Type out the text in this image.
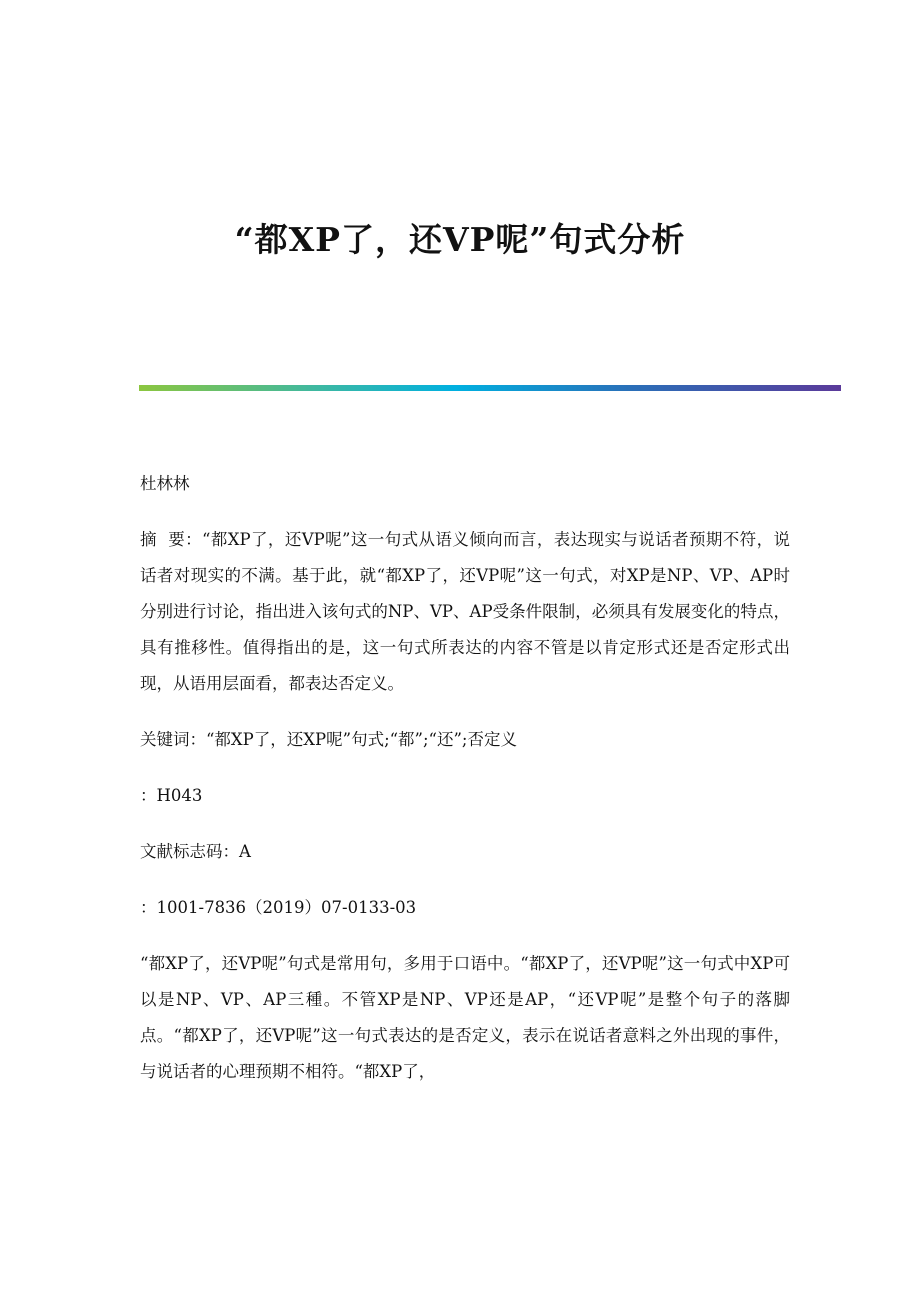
“都XP了，还VP呢”句式分析

杜林林

摘  要：“都XP了，还VP呢”这一句式从语义倾向而言，表达现实与说话者预期不符，说话者对现实的不满。基于此，就“都XP了，还VP呢”这一句式，对XP是NP、VP、AP时分别进行讨论，指出进入该句式的NP、VP、AP受条件限制，必须具有发展变化的特点，具有推移性。值得指出的是，这一句式所表达的内容不管是以肯定形式还是否定形式出现，从语用层面看，都表达否定义。

关键词：“都XP了，还XP呢”句式;“都”;“还”;否定义

：H043

文献标志码：A

：1001-7836（2019）07-0133-03

“都XP了，还VP呢”句式是常用句，多用于口语中。“都XP了，还VP呢”这一句式中XP可以是NP、VP、AP三種。不管XP是NP、VP还是AP，“还VP呢”是整个句子的落脚点。“都XP了，还VP呢”这一句式表达的是否定义，表示在说话者意料之外出现的事件，与说话者的心理预期不相符。“都XP了，
